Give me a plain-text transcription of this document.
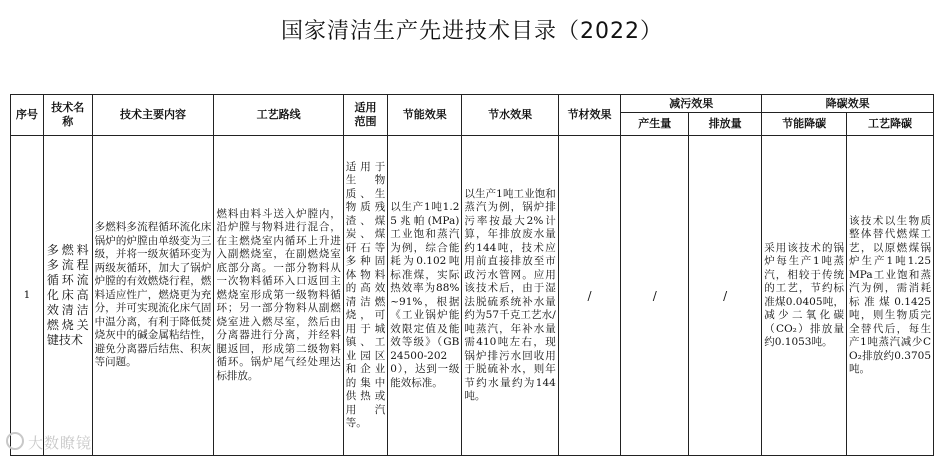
国家清洁生产先进技术目录（2022）
序号	技术名称	技术主要内容	工艺路线	适用范围	节能效果	节水效果	节材效果	减污效果		降碳效果	
								产生量	排放量	节能降碳	工艺降碳
1	多燃料多流程循环流化床高效清洁燃烧关键技术	多燃料多流程循环流化床锅炉的炉膛由单级变为三级，并将一级灰循环变为两级灰循环，加大了锅炉炉膛的有效燃烧行程，燃料适应性广，燃烧更为充分，并可实现流化床气固中温分离，有利于降低焚烧灰中的碱金属粘结性，避免分离器后结焦、积灰等问题。	燃料由料斗送入炉膛内，沿炉膛与物料进行混合，在主燃烧室内循环上升进入副燃烧室，在副燃烧室底部分离。一部分物料从一次物料循环入口返回主燃烧室形成第一级物料循环；另一部分物料从副燃烧室进入燃尽室，然后由分离器进行分离，并经料腿返回，形成第二级物料循环。锅炉尾气经处理达标排放。	适用于生物质、生物质残渣、煤炭、煤矸石等多种固体物料的高效清洁燃烧，可用于城镇、工业园区和企业的集中供热或用汽等。	以生产1吨1.25兆帕(MPa)工业饱和蒸汽为例，综合能耗为0.102吨标准煤，实际热效率为88%~91%，根据《工业锅炉能效限定值及能效等级》（GB 24500-2020），达到一级能效标准。	以生产1吨工业饱和蒸汽为例，锅炉排污率按最大2%计算，年排放废水量约144吨，技术应用前直接排放至市政污水管网。应用该技术后，由于湿法脱硫系统补水量约为57千克工艺水/吨蒸汽，年补水量需410吨左右，现锅炉排污水回收用于脱硫补水，则年节约水量约为144吨。	/	/	/	采用该技术的锅炉每生产1吨蒸汽，相较于传统的工艺，节约标准煤0.0405吨，减少二氧化碳（CO₂）排放量约0.1053吨。	该技术以生物质整体替代燃煤工艺，以原燃煤锅炉生产1吨1.25MPa工业饱和蒸汽为例，需消耗标准煤0.1425吨，则生物质完全替代后，每生产1吨蒸汽减少CO₂排放约0.3705吨。
大数瞭镜
